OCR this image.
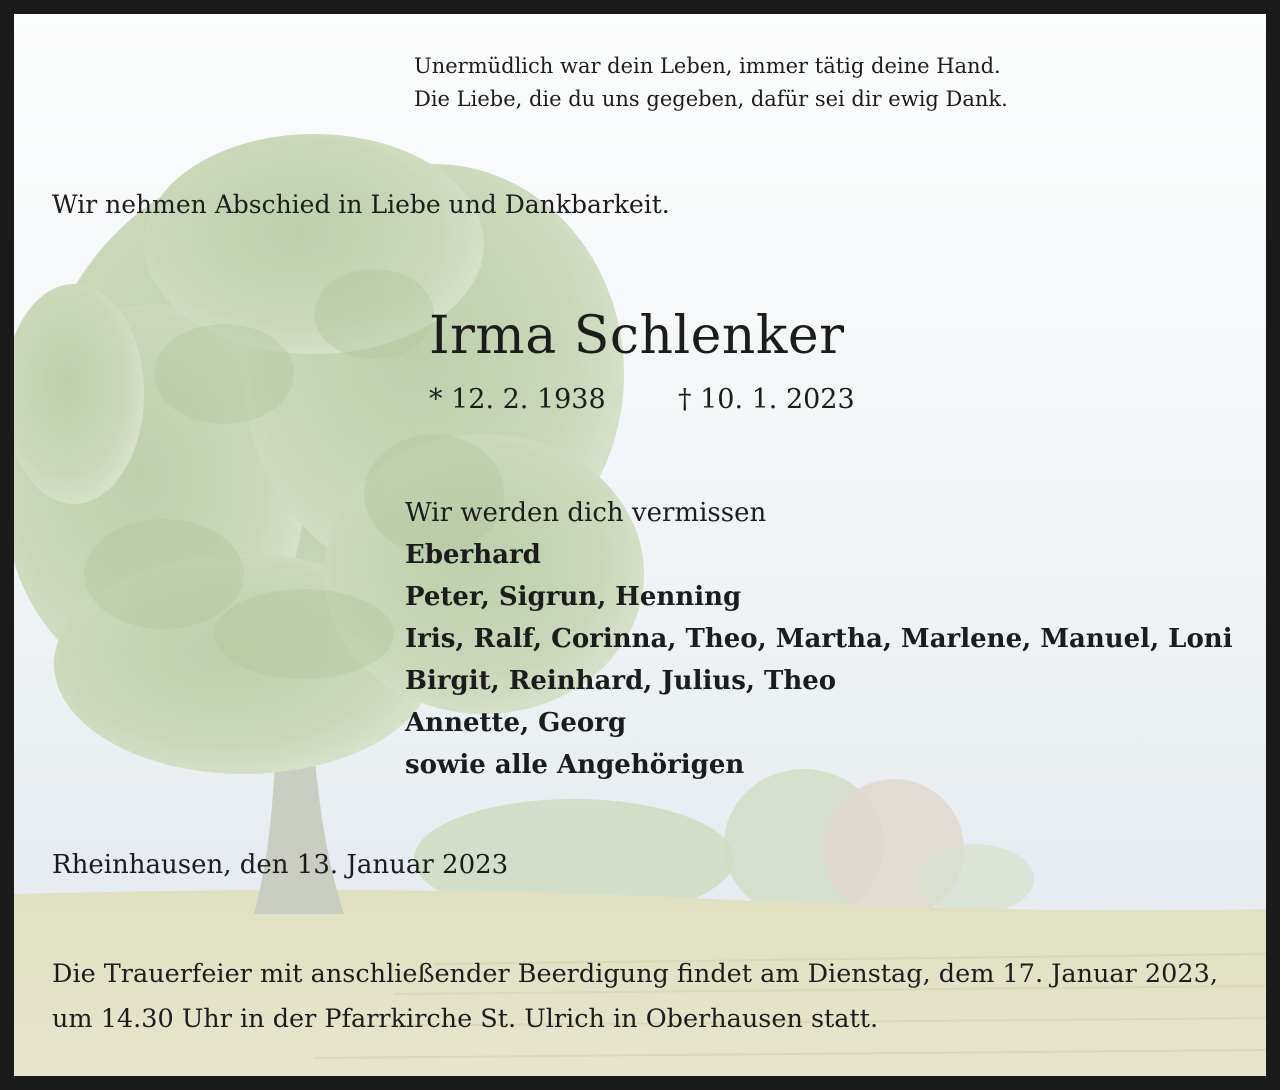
Unermüdlich war dein Leben, immer tätig deine Hand.

Die Liebe, die du uns gegeben, dafür sei dir ewig Dank.

Wir nehmen Abschied in Liebe und Dankbarkeit.

Irma Schlenker
* 12. 2. 1938	† 10. 1. 2023
Wir werden dich vermissen
Eberhard
Peter, Sigrun, Henning
Iris, Ralf, Corinna, Theo, Martha, Marlene, Manuel, Loni
Birgit, Reinhard, Julius, Theo
Annette, Georg
sowie alle Angehörigen

Rheinhausen, den 13. Januar 2023

Die Trauerfeier mit anschließender Beerdigung findet am Dienstag, dem 17. Januar 2023,
um 14.30 Uhr in der Pfarrkirche St. Ulrich in Oberhausen statt.
